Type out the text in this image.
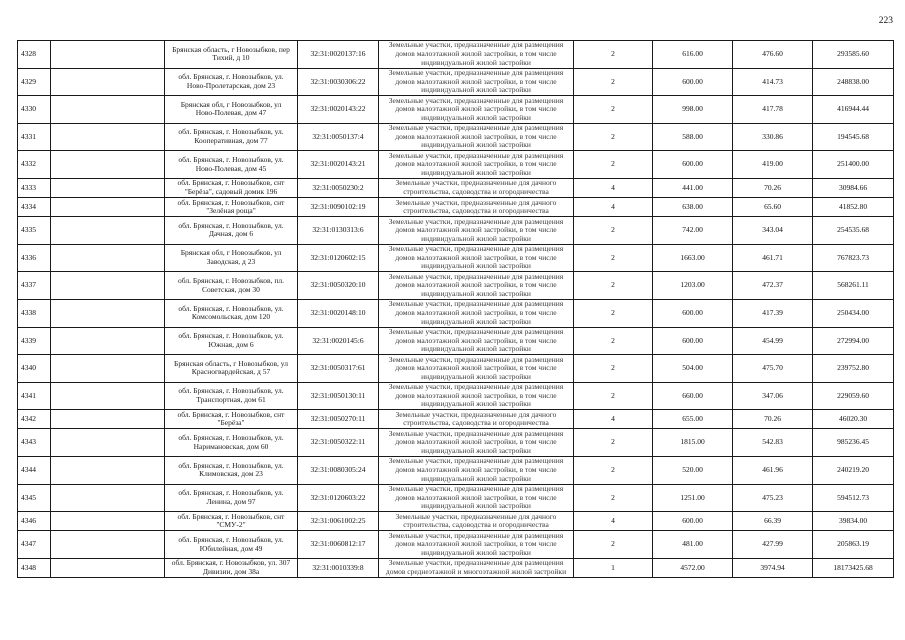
223
4328		Брянская область, г Новозыбков, пер
Тихий, д 10	32:31:0020137:16	Земельные участки, предназначенные для размещения
домов малоэтажной жилой застройки, в том числе
индивидуальной жилой застройки	2	616.00	476.60	293585.60
4329		обл. Брянская, г. Новозыбков, ул.
Ново-Пролетарская, дом 23	32:31:0030306:22	Земельные участки, предназначенные для размещения
домов малоэтажной жилой застройки, в том числе
индивидуальной жилой застройки	2	600.00	414.73	248838.00
4330		Брянская обл, г Новозыбков, ул
Ново-Полевая, дом 47	32:31:0020143:22	Земельные участки, предназначенные для размещения
домов малоэтажной жилой застройки, в том числе
индивидуальной жилой застройки	2	998.00	417.78	416944.44
4331		обл. Брянская, г. Новозыбков, ул.
Кооперативная, дом 77	32:31:0050137:4	Земельные участки, предназначенные для размещения
домов малоэтажной жилой застройки, в том числе
индивидуальной жилой застройки	2	588.00	330.86	194545.68
4332		обл. Брянская, г. Новозыбков, ул.
Ново-Полевая, дом 45	32:31:0020143:21	Земельные участки, предназначенные для размещения
домов малоэтажной жилой застройки, в том числе
индивидуальной жилой застройки	2	600.00	419.00	251400.00
4333		обл. Брянская, г. Новозыбков, снт
"Берёза", садовый домик 196	32:31:0050230:2	Земельные участки, предназначенные для дачного
строительства, садоводства и огородничества	4	441.00	70.26	30984.66
4334		обл. Брянская, г. Новозыбков, снт
"Зелёная роща"	32:31:0090102:19	Земельные участки, предназначенные для дачного
строительства, садоводства и огородничества	4	638.00	65.60	41852.80
4335		обл. Брянская, г. Новозыбков, ул.
Дачная, дом 6	32:31:0130313:6	Земельные участки, предназначенные для размещения
домов малоэтажной жилой застройки, в том числе
индивидуальной жилой застройки	2	742.00	343.04	254535.68
4336		Брянская обл, г Новозыбков, ул
Заводская, д 23	32:31:0120602:15	Земельные участки, предназначенные для размещения
домов малоэтажной жилой застройки, в том числе
индивидуальной жилой застройки	2	1663.00	461.71	767823.73
4337		обл. Брянская, г. Новозыбков, пл.
Советская, дом 30	32:31:0050320:10	Земельные участки, предназначенные для размещения
домов малоэтажной жилой застройки, в том числе
индивидуальной жилой застройки	2	1203.00	472.37	568261.11
4338		обл. Брянская, г. Новозыбков, ул.
Комсомольская, дом 120	32:31:0020148:10	Земельные участки, предназначенные для размещения
домов малоэтажной жилой застройки, в том числе
индивидуальной жилой застройки	2	600.00	417.39	250434.00
4339		обл. Брянская, г. Новозыбков, ул.
Южная, дом 6	32:31:0020145:6	Земельные участки, предназначенные для размещения
домов малоэтажной жилой застройки, в том числе
индивидуальной жилой застройки	2	600.00	454.99	272994.00
4340		Брянская область, г Новозыбков, ул
Красногвардейская, д 57	32:31:0050317:61	Земельные участки, предназначенные для размещения
домов малоэтажной жилой застройки, в том числе
индивидуальной жилой застройки	2	504.00	475.70	239752.80
4341		обл. Брянская, г. Новозыбков, ул.
Транспортная, дом 61	32:31:0050130:11	Земельные участки, предназначенные для размещения
домов малоэтажной жилой застройки, в том числе
индивидуальной жилой застройки	2	660.00	347.06	229059.60
4342		обл. Брянская, г. Новозыбков, снт
"Берёза"	32:31:0050270:11	Земельные участки, предназначенные для дачного
строительства, садоводства и огородничества	4	655.00	70.26	46020.30
4343		обл. Брянская, г. Новозыбков, ул.
Наримановская, дом 60	32:31:0050322:11	Земельные участки, предназначенные для размещения
домов малоэтажной жилой застройки, в том числе
индивидуальной жилой застройки	2	1815.00	542.83	985236.45
4344		обл. Брянская, г. Новозыбков, ул.
Климовская, дом 23	32:31:0080305:24	Земельные участки, предназначенные для размещения
домов малоэтажной жилой застройки, в том числе
индивидуальной жилой застройки	2	520.00	461.96	240219.20
4345		обл. Брянская, г. Новозыбков, ул.
Ленина, дом 97	32:31:0120603:22	Земельные участки, предназначенные для размещения
домов малоэтажной жилой застройки, в том числе
индивидуальной жилой застройки	2	1251.00	475.23	594512.73
4346		обл. Брянская, г. Новозыбков, снт
"СМУ-2"	32:31:0061002:25	Земельные участки, предназначенные для дачного
строительства, садоводства и огородничества	4	600.00	66.39	39834.00
4347		обл. Брянская, г. Новозыбков, ул.
Юбилейная, дом 49	32:31:0060812:17	Земельные участки, предназначенные для размещения
домов малоэтажной жилой застройки, в том числе
индивидуальной жилой застройки	2	481.00	427.99	205863.19
4348		обл. Брянская, г. Новозыбков, ул. 307
Дивизии, дом 38а	32:31:0010339:8	Земельные участки, предназначенные для размещения
домов среднеэтажной и многоэтажной жилой застройки	1	4572.00	3974.94	18173425.68
